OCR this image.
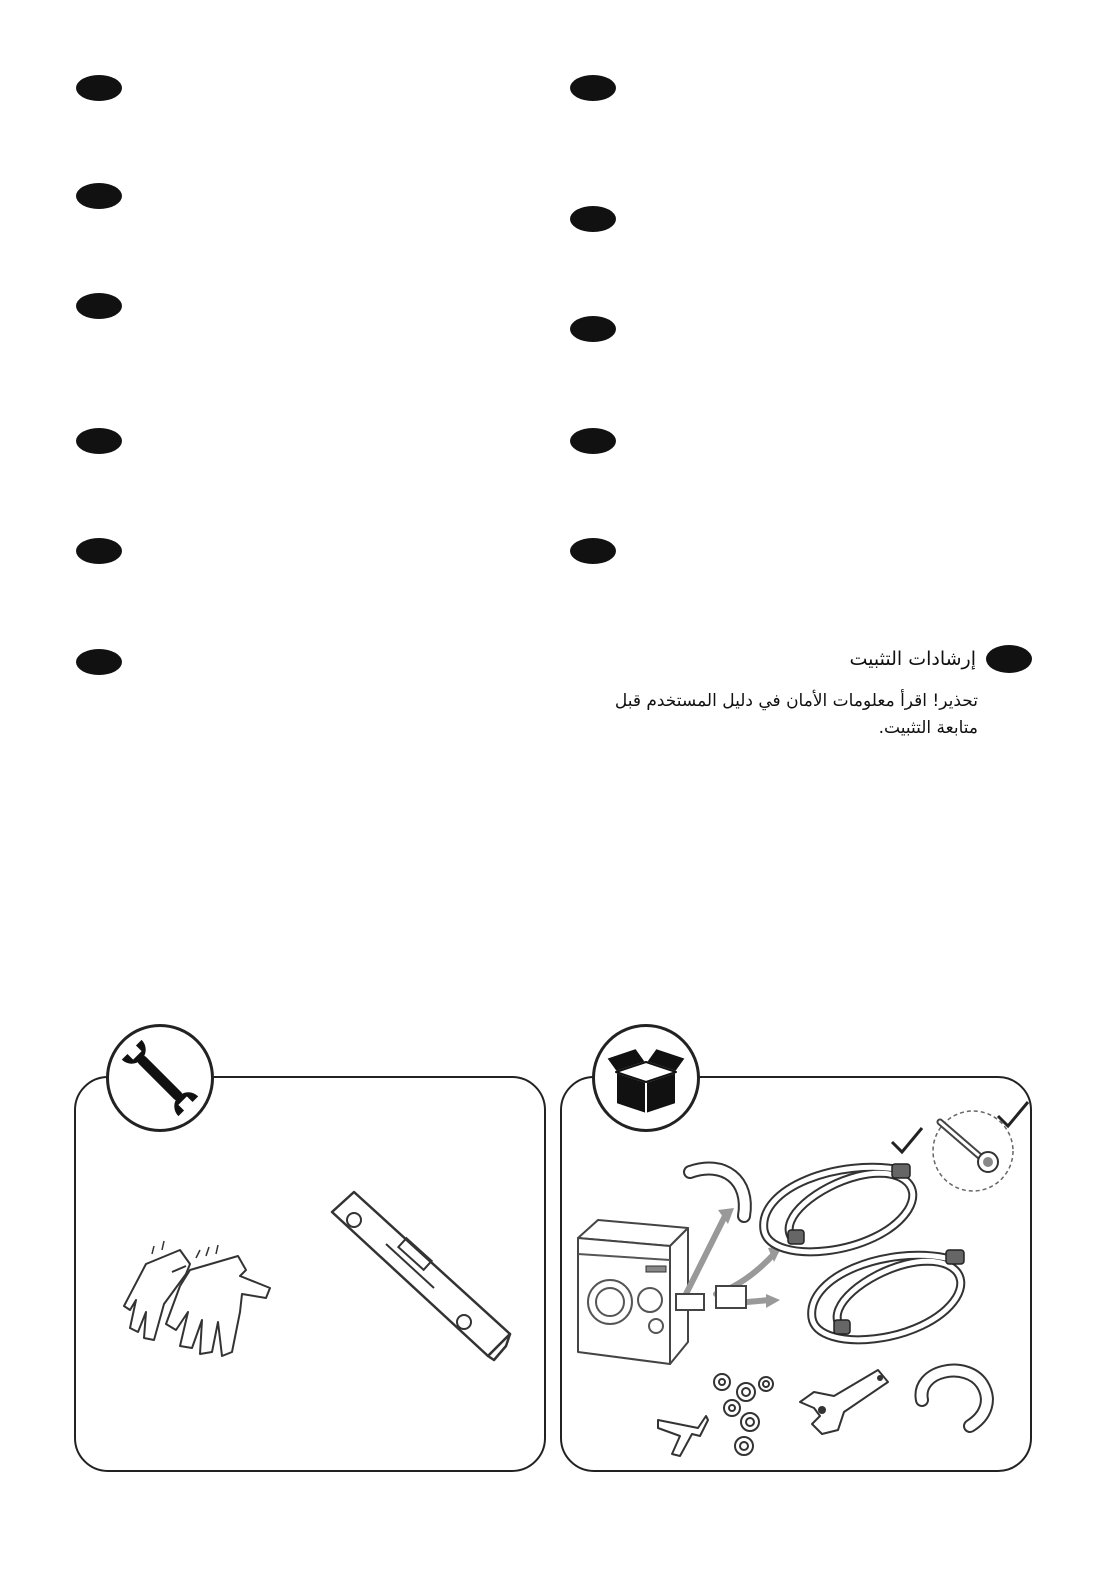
إرشادات التثبيت
تحذير! اقرأ معلومات الأمان في دليل المستخدم قبل متابعة التثبيت.
